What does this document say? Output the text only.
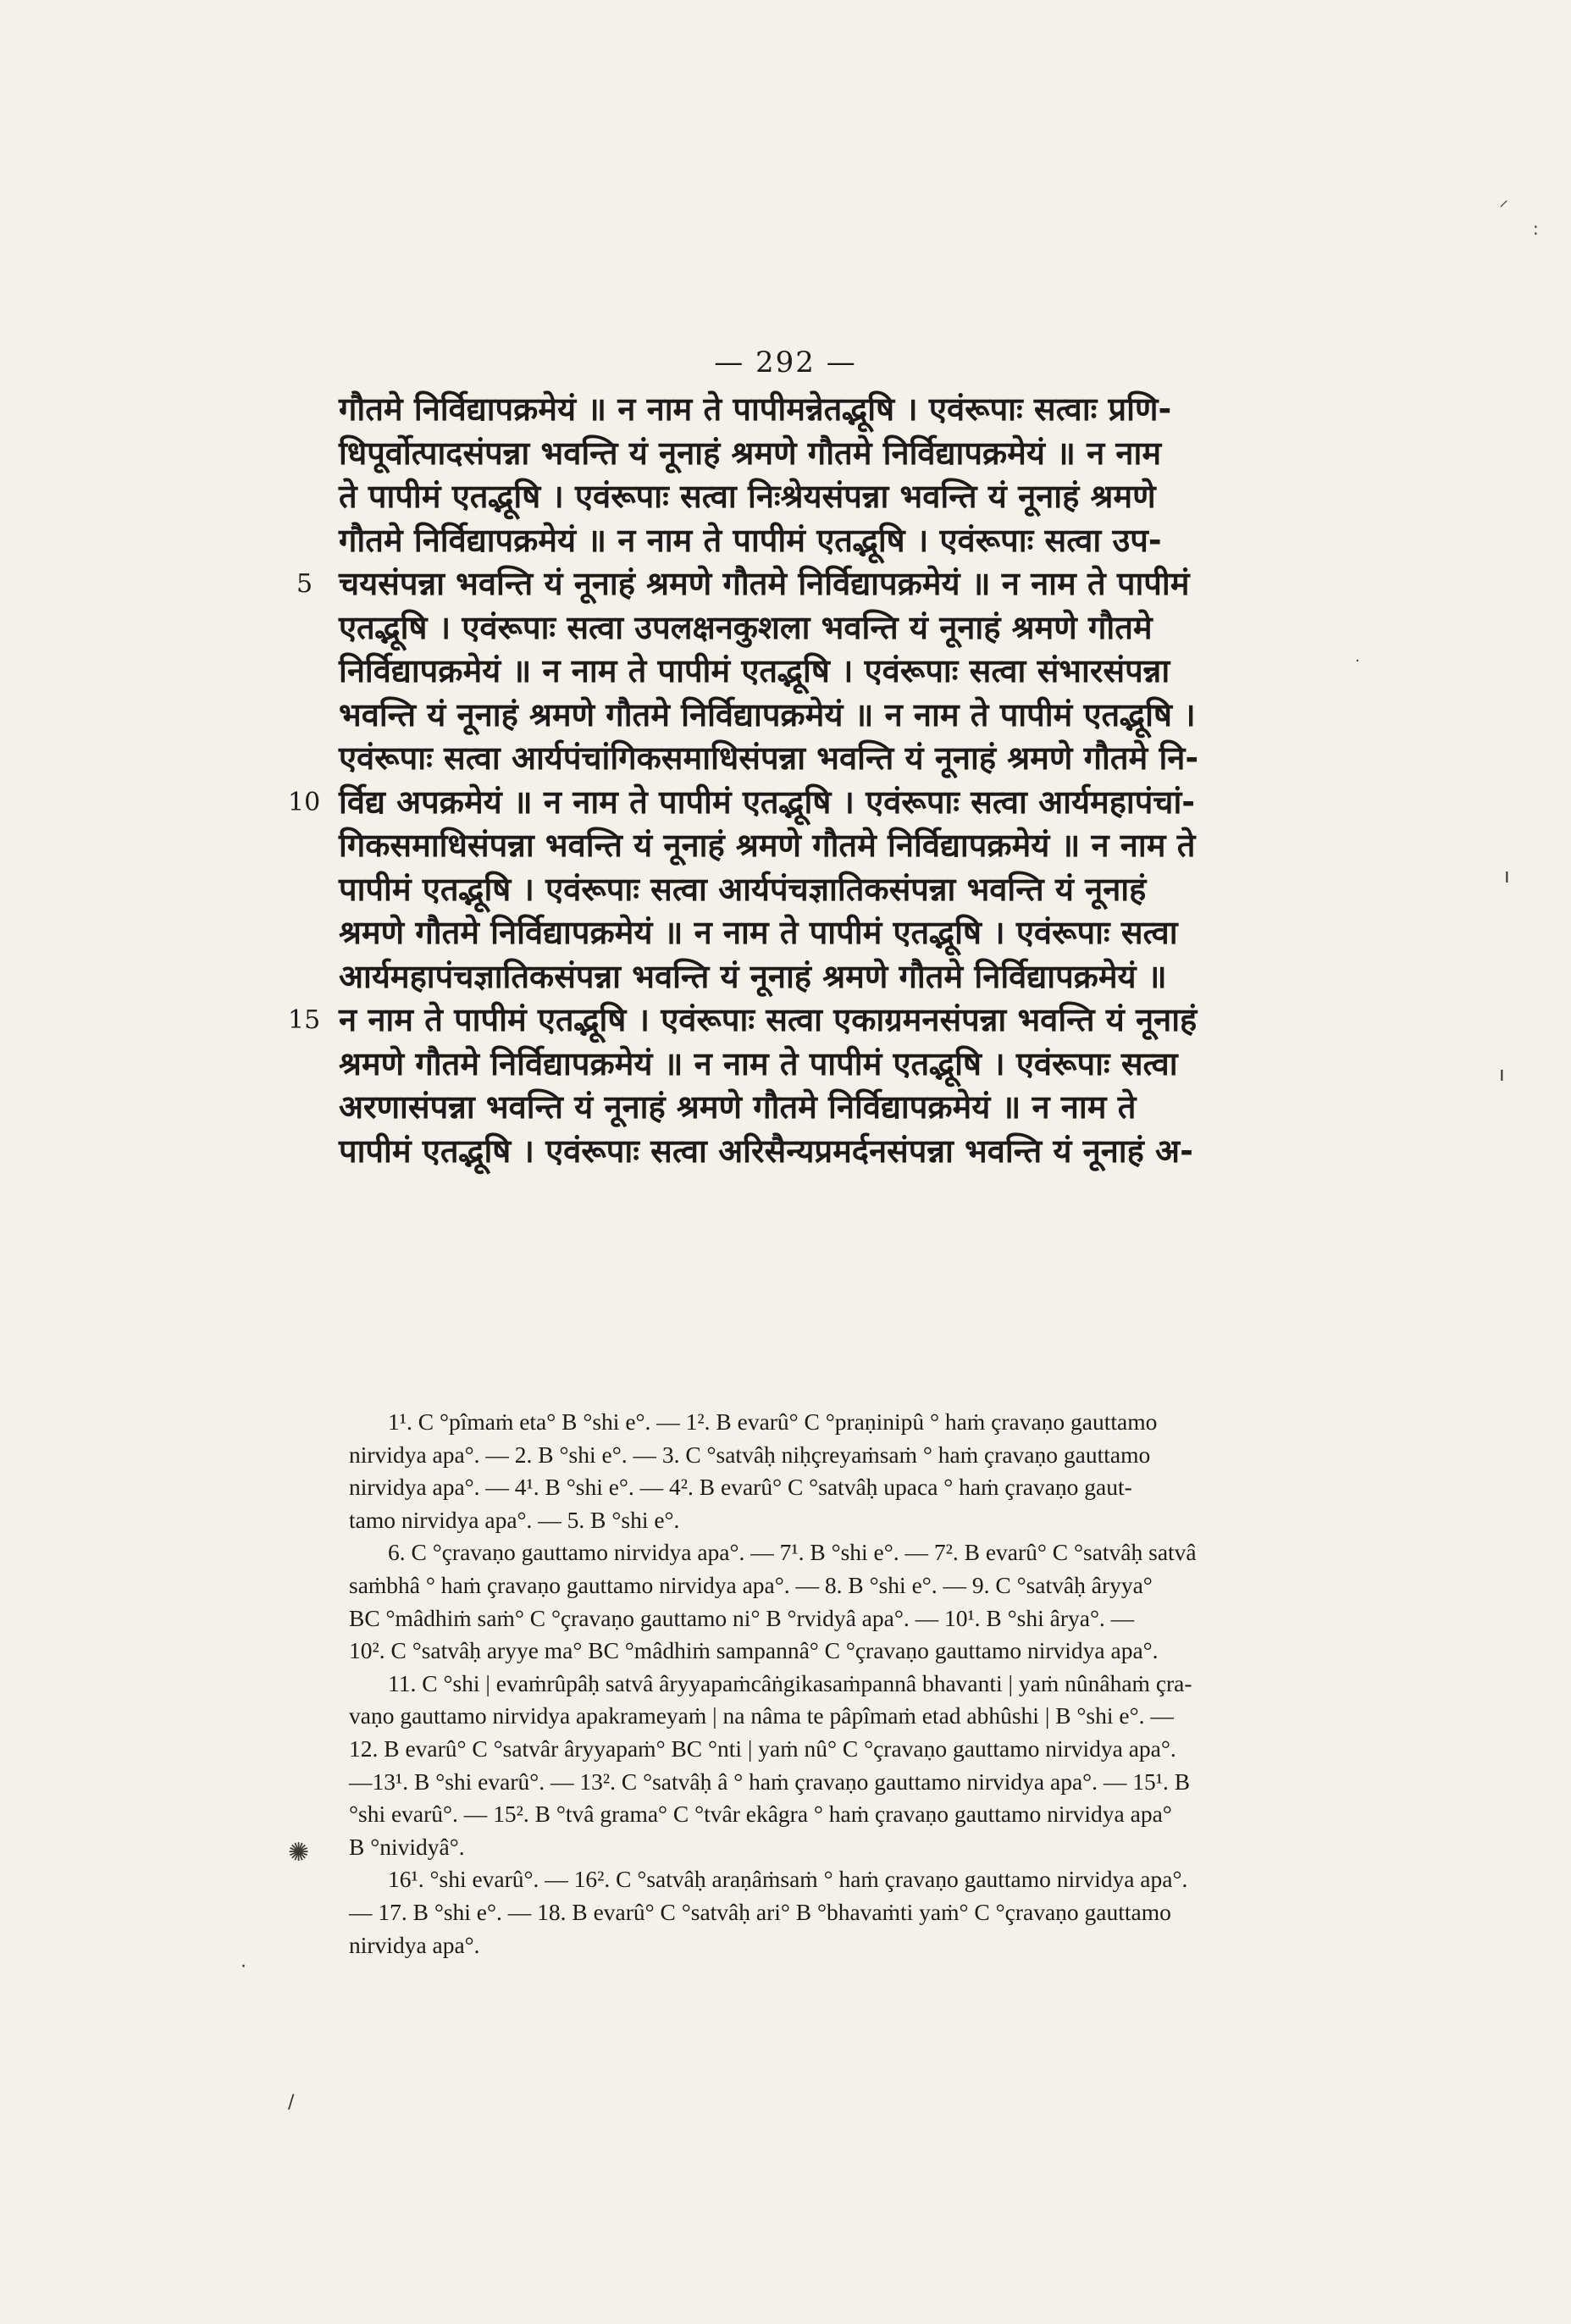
— 292 —
गौतमे निर्विद्यापक्रमेयं ॥ न नाम ते पापीमन्नेतद्भूषि । एवंरूपाः सत्वाः प्रणि-
धिपूर्वोत्पादसंपन्ना भवन्ति यं नूनाहं श्रमणे गौतमे निर्विद्यापक्रमेयं ॥ न नाम
ते पापीमं एतद्भूषि । एवंरूपाः सत्वा निःश्रेयसंपन्ना भवन्ति यं नूनाहं श्रमणे
गौतमे निर्विद्यापक्रमेयं ॥ न नाम ते पापीमं एतद्भूषि । एवंरूपाः सत्वा उप-
5 चयसंपन्ना भवन्ति यं नूनाहं श्रमणे गौतमे निर्विद्यापक्रमेयं ॥ न नाम ते पापीमं
एतद्भूषि । एवंरूपाः सत्वा उपलक्षनकुशला भवन्ति यं नूनाहं श्रमणे गौतमे
निर्विद्यापक्रमेयं ॥ न नाम ते पापीमं एतद्भूषि । एवंरूपाः सत्वा संभारसंपन्ना
भवन्ति यं नूनाहं श्रमणे गौतमे निर्विद्यापक्रमेयं ॥ न नाम ते पापीमं एतद्भूषि ।
एवंरूपाः सत्वा आर्यपंचांगिकसमाधिसंपन्ना भवन्ति यं नूनाहं श्रमणे गौतमे नि-
10 र्विद्य अपक्रमेयं ॥ न नाम ते पापीमं एतद्भूषि । एवंरूपाः सत्वा आर्यमहापंचां-
गिकसमाधिसंपन्ना भवन्ति यं नूनाहं श्रमणे गौतमे निर्विद्यापक्रमेयं ॥ न नाम ते
पापीमं एतद्भूषि । एवंरूपाः सत्वा आर्यपंचज्ञातिकसंपन्ना भवन्ति यं नूनाहं
श्रमणे गौतमे निर्विद्यापक्रमेयं ॥ न नाम ते पापीमं एतद्भूषि । एवंरूपाः सत्वा
आर्यमहापंचज्ञातिकसंपन्ना भवन्ति यं नूनाहं श्रमणे गौतमे निर्विद्यापक्रमेयं ॥
15 न नाम ते पापीमं एतद्भूषि । एवंरूपाः सत्वा एकाग्रमनसंपन्ना भवन्ति यं नूनाहं
श्रमणे गौतमे निर्विद्यापक्रमेयं ॥ न नाम ते पापीमं एतद्भूषि । एवंरूपाः सत्वा
अरणासंपन्ना भवन्ति यं नूनाहं श्रमणे गौतमे निर्विद्यापक्रमेयं ॥ न नाम ते
पापीमं एतद्भूषि । एवंरूपाः सत्वा अरिसैन्यप्रमर्दनसंपन्ना भवन्ति यं नूनाहं अ-
1¹. C °pîmaṁ eta° B °shi e°. — 1². B evarû° C °praṇinipû ° haṁ çravaṇo gauttamo
nirvidya apa°. — 2. B °shi e°. — 3. C °satvâḥ niḥçreyaṁsaṁ ° haṁ çravaṇo gauttamo
nirvidya apa°. — 4¹. B °shi e°. — 4². B evarû° C °satvâḥ upaca ° haṁ çravaṇo gaut-
tamo nirvidya apa°. — 5. B °shi e°.
6. C °çravaṇo gauttamo nirvidya apa°. — 7¹. B °shi e°. — 7². B evarû° C °satvâḥ satvâ
saṁbhâ ° haṁ çravaṇo gauttamo nirvidya apa°. — 8. B °shi e°. — 9. C °satvâḥ âryya°
BC °mâdhiṁ saṁ° C °çravaṇo gauttamo ni° B °rvidyâ apa°. — 10¹. B °shi ârya°. —
10². C °satvâḥ aryye ma° BC °mâdhiṁ sampannâ° C °çravaṇo gauttamo nirvidya apa°.
11. C °shi | evaṁrûpâḥ satvâ âryyapaṁcâṅgikasaṁpannâ bhavanti | yaṁ nûnâhaṁ çra-
vaṇo gauttamo nirvidya apakrameyaṁ | na nâma te pâpîmaṁ etad abhûshi | B °shi e°. —
12. B evarû° C °satvâr âryyapaṁ° BC °nti | yaṁ nû° C °çravaṇo gauttamo nirvidya apa°.
—13¹. B °shi evarû°. — 13². C °satvâḥ â ° haṁ çravaṇo gauttamo nirvidya apa°. — 15¹. B
°shi evarû°. — 15². B °tvâ grama° C °tvâr ekâgra ° haṁ çravaṇo gauttamo nirvidya apa°
B °nividyâ°.
16¹. °shi evarû°. — 16². C °satvâḥ araṇâṁsaṁ ° haṁ çravaṇo gauttamo nirvidya apa°.
— 17. B °shi e°. — 18. B evarû° C °satvâḥ ari° B °bhavaṁti yaṁ° C °çravaṇo gauttamo
nirvidya apa°.
⸝
:
·
ı
ı
✺
·
/
